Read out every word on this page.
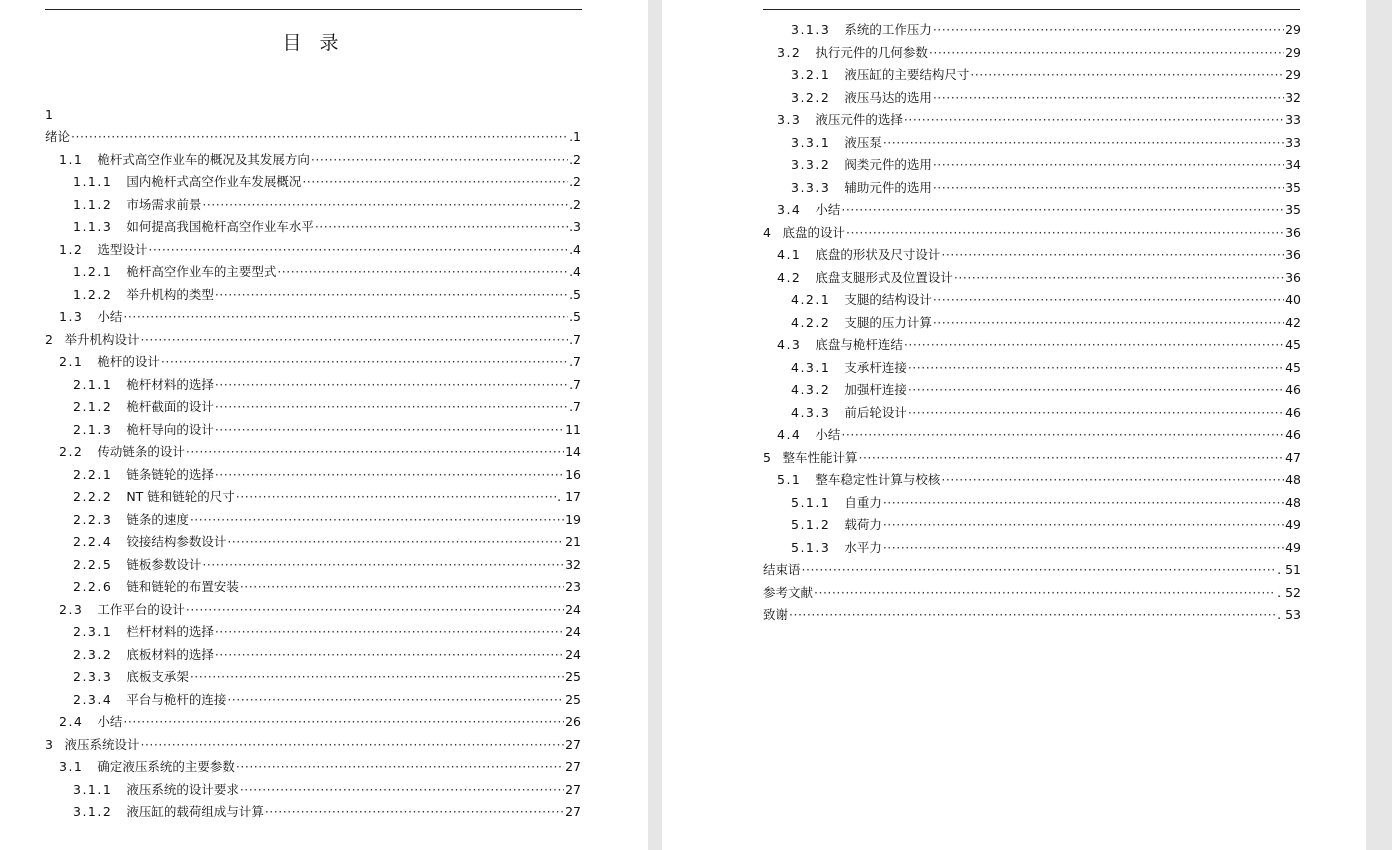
目 录
1
绪论 ·····	.1
1.1 桅杆式高空作业车的概况及其发展方向 ·····	.2
1.1.1 国内桅杆式高空作业车发展概况 ·····	.2
1.1.2 市场需求前景 ·····	.2
1.1.3 如何提高我国桅杆高空作业车水平 ·····	.3
1.2 选型设计 ·····	.4
1.2.1 桅杆高空作业车的主要型式 ·····	.4
1.2.2 举升机构的类型 ·····	.5
1.3 小结 ·····	.5
2 举升机构设计 ·····	.7
2.1 桅杆的设计 ·····	.7
2.1.1 桅杆材料的选择 ·····	.7
2.1.2 桅杆截面的设计 ·····	.7
2.1.3 桅杆导向的设计 ·····	11
2.2 传动链条的设计 ·····	14
2.2.1 链条链轮的选择 ·····	16
2.2.2 NT 链和链轮的尺寸 ·····	. 17
2.2.3 链条的速度 ·····	19
2.2.4 铰接结构参数设计 ·····	21
2.2.5 链板参数设计 ·····	32
2.2.6 链和链轮的布置安装 ·····	23
2.3 工作平台的设计 ·····	24
2.3.1 栏杆材料的选择 ·····	24
2.3.2 底板材料的选择 ·····	24
2.3.3 底板支承架 ·····	25
2.3.4 平台与桅杆的连接 ·····	25
2.4 小结 ·····	26
3 液压系统设计 ·····	27
3.1 确定液压系统的主要参数 ·····	27
3.1.1 液压系统的设计要求 ·····	27
3.1.2 液压缸的载荷组成与计算 ·····	27
3.1.3 系统的工作压力 ·····	29
3.2 执行元件的几何参数 ·····	29
3.2.1 液压缸的主要结构尺寸 ·····	29
3.2.2 液压马达的选用 ·····	32
3.3 液压元件的选择 ·····	33
3.3.1 液压泵 ·····	33
3.3.2 阀类元件的选用 ·····	34
3.3.3 辅助元件的选用 ·····	35
3.4 小结 ·····	35
4 底盘的设计 ·····	36
4.1 底盘的形状及尺寸设计 ·····	36
4.2 底盘支腿形式及位置设计 ·····	36
4.2.1 支腿的结构设计 ·····	40
4.2.2 支腿的压力计算 ·····	42
4.3 底盘与桅杆连结 ·····	45
4.3.1 支承杆连接 ·····	45
4.3.2 加强杆连接 ·····	46
4.3.3 前后轮设计 ·····	46
4.4 小结 ·····	46
5 整车性能计算 ·····	47
5.1 整车稳定性计算与校核 ·····	48
5.1.1 自重力 ·····	48
5.1.2 载荷力 ·····	49
5.1.3 水平力 ·····	49
结束语 ·····	. 51
参考文献 ·····	. 52
致谢 ·····	. 53
